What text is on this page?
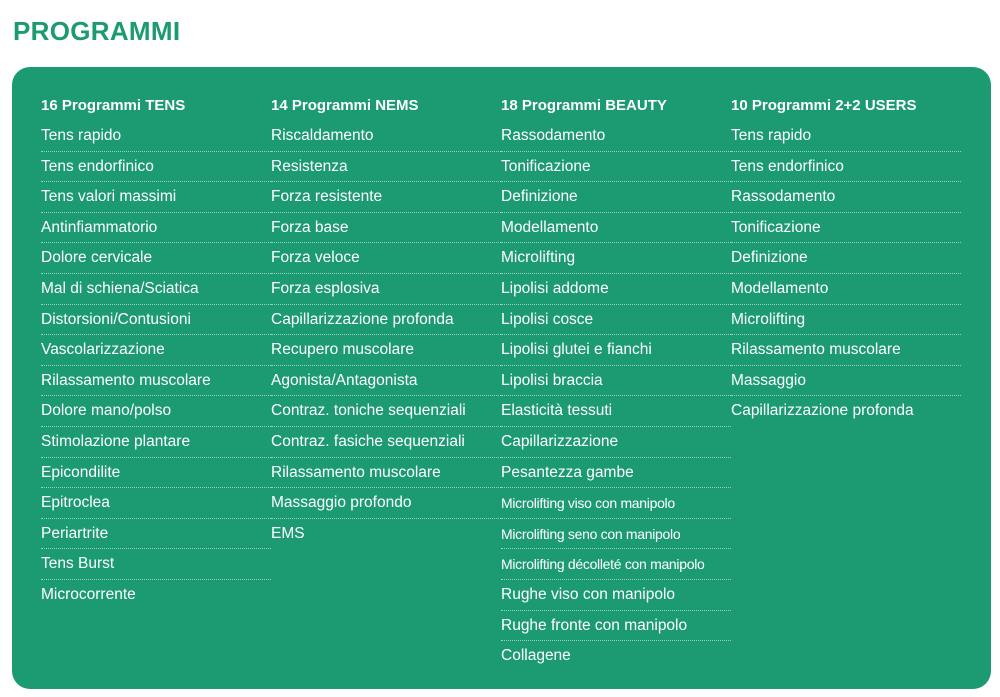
PROGRAMMI
16 Programmi TENS
Tens rapido
Tens endorfinico
Tens valori massimi
Antinfiammatorio
Dolore cervicale
Mal di schiena/Sciatica
Distorsioni/Contusioni
Vascolarizzazione
Rilassamento muscolare
Dolore mano/polso
Stimolazione plantare
Epicondilite
Epitroclea
Periartrite
Tens Burst
Microcorrente
14 Programmi NEMS
Riscaldamento
Resistenza
Forza resistente
Forza base
Forza veloce
Forza esplosiva
Capillarizzazione profonda
Recupero muscolare
Agonista/Antagonista
Contraz. toniche sequenziali
Contraz. fasiche sequenziali
Rilassamento muscolare
Massaggio profondo
EMS
18 Programmi BEAUTY
Rassodamento
Tonificazione
Definizione
Modellamento
Microlifting
Lipolisi addome
Lipolisi cosce
Lipolisi glutei e fianchi
Lipolisi braccia
Elasticità tessuti
Capillarizzazione
Pesantezza gambe
Microlifting viso con manipolo
Microlifting seno con manipolo
Microlifting décolleté con manipolo
Rughe viso con manipolo
Rughe fronte con manipolo
Collagene
10 Programmi 2+2 USERS
Tens rapido
Tens endorfinico
Rassodamento
Tonificazione
Definizione
Modellamento
Microlifting
Rilassamento muscolare
Massaggio
Capillarizzazione profonda
